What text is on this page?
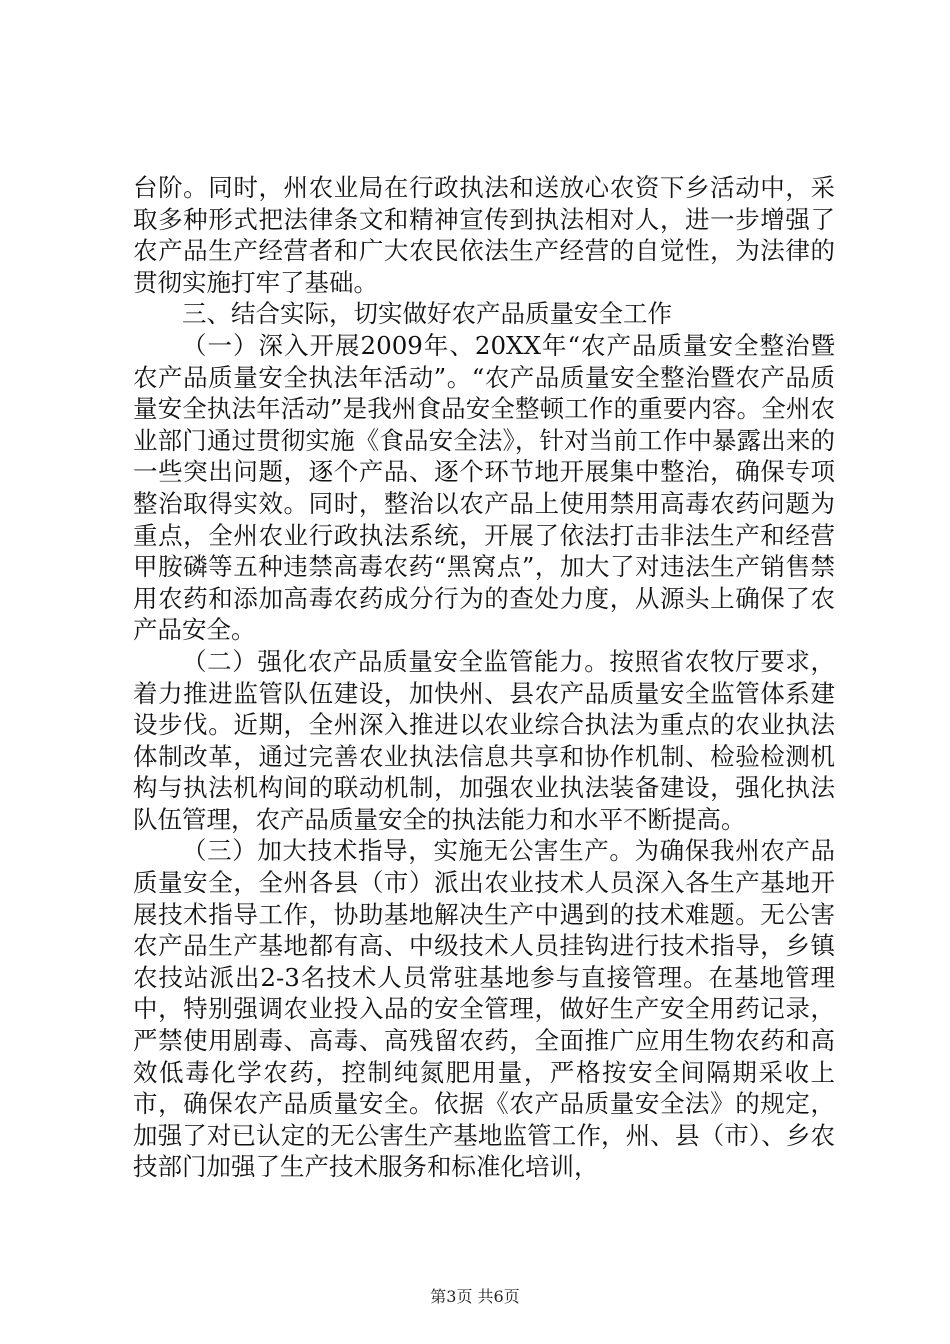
台阶。同时，州农业局在行政执法和送放心农资下乡活动中，采取多种形式把法律条文和精神宣传到执法相对人，进一步增强了农产品生产经营者和广大农民依法生产经营的自觉性，为法律的贯彻实施打牢了基础。

三、结合实际，切实做好农产品质量安全工作

（一）深入开展2009年、20XX年“农产品质量安全整治暨农产品质量安全执法年活动”。“农产品质量安全整治暨农产品质量安全执法年活动”是我州食品安全整顿工作的重要内容。全州农业部门通过贯彻实施《食品安全法》，针对当前工作中暴露出来的一些突出问题，逐个产品、逐个环节地开展集中整治，确保专项整治取得实效。同时，整治以农产品上使用禁用高毒农药问题为重点，全州农业行政执法系统，开展了依法打击非法生产和经营甲胺磷等五种违禁高毒农药“黑窝点”，加大了对违法生产销售禁用农药和添加高毒农药成分行为的查处力度，从源头上确保了农产品安全。

（二）强化农产品质量安全监管能力。按照省农牧厅要求，着力推进监管队伍建设，加快州、县农产品质量安全监管体系建设步伐。近期，全州深入推进以农业综合执法为重点的农业执法体制改革，通过完善农业执法信息共享和协作机制、检验检测机构与执法机构间的联动机制，加强农业执法装备建设，强化执法队伍管理，农产品质量安全的执法能力和水平不断提高。

（三）加大技术指导，实施无公害生产。为确保我州农产品质量安全，全州各县（市）派出农业技术人员深入各生产基地开展技术指导工作，协助基地解决生产中遇到的技术难题。无公害农产品生产基地都有高、中级技术人员挂钩进行技术指导，乡镇农技站派出2-3名技术人员常驻基地参与直接管理。在基地管理中，特别强调农业投入品的安全管理，做好生产安全用药记录，严禁使用剧毒、高毒、高残留农药，全面推广应用生物农药和高效低毒化学农药，控制纯氮肥用量，严格按安全间隔期采收上市，确保农产品质量安全。依据《农产品质量安全法》的规定，加强了对已认定的无公害生产基地监管工作，州、县（市）、乡农技部门加强了生产技术服务和标准化培训，

第3页 共6页
